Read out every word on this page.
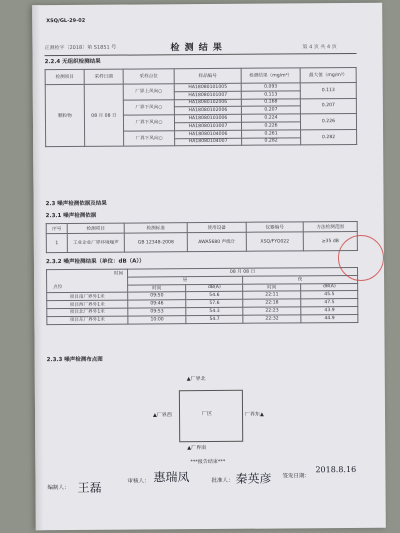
XSQ/GL-29-02
正测检字〔2018〕第 S1851 号	检 测 结 果	第 4 页 共 4 页
2.2.4 无组织检测结果
检测项目	采样日期	采样点位	样品编号	检测结果（mg/m³）	最大值（mg/m³）
颗粒物	08 月 08 日	厂界上风向○	HA18080101005	0.093	0.113
			HA18080101007	0.113	
		厂界下风向○	HA18080102006	0.168	0.207
			HA18080102006	0.207	
		厂界下风向○	HA18080103006	0.224	0.226
			HA18080103007	0.226	
		厂界下风向○	HA18080104006	0.261	0.282
			HA18080104007	0.282	
2.3 噪声检测依据及结果
2.3.1 噪声检测依据
序号	检测项目	检测标准	使用设备	仪器编号	方法检测范围
1	工业企业厂界环境噪声	GB 12348-2008	AWA5680 声级计	XSQ/FYO022	≥35 dB
2.3.2 噪声检测结果（单位：dB（A））
时间
点位	08 月 08 日			
	昼		夜	
	时间	dB(A)	时间	dB(A)
项目南厂界外1米	09:50	54.6	22:11	45.5
项目西厂界外1米	09:46	57.6	22:18	47.5
项目北厂界外1米	09:53	54.3	22:23	43.9
项目东厂界外1米	10:00	54.7	22:32	44.9
2.3.3 噪声检测布点图
厂区
▲厂界北
▲厂界西	厂界东▲
▲厂界南
***报告结束***
编制人： 王磊	审核人： 惠瑞凤	批准人： 秦英彦 签发日期：
2018.8.16
